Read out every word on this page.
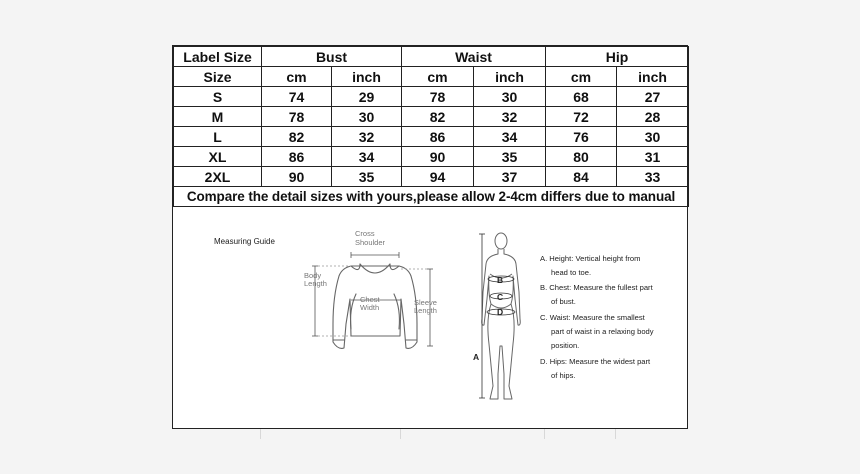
Label Size	Bust		Waist		Hip	
Size	cm	inch	cm	inch	cm	inch
S	74	29	78	30	68	27
M	78	30	82	32	72	28
L	82	32	86	34	76	30
XL	86	34	90	35	80	31
2XL	90	35	94	37	84	33
Compare the detail sizes with yours,please allow 2-4cm differs due to manual						
Measuring Guide
Cross
Shoulder
Body
Length
Chest
Width
Sleeve
Length
A
B
C
D
A. Height: Vertical height from
head to toe.
B. Chest: Measure the fullest part
of bust.
C. Waist: Measure the smallest
part of waist in a relaxing body
position.
D. Hips: Measure the widest part
of hips.
